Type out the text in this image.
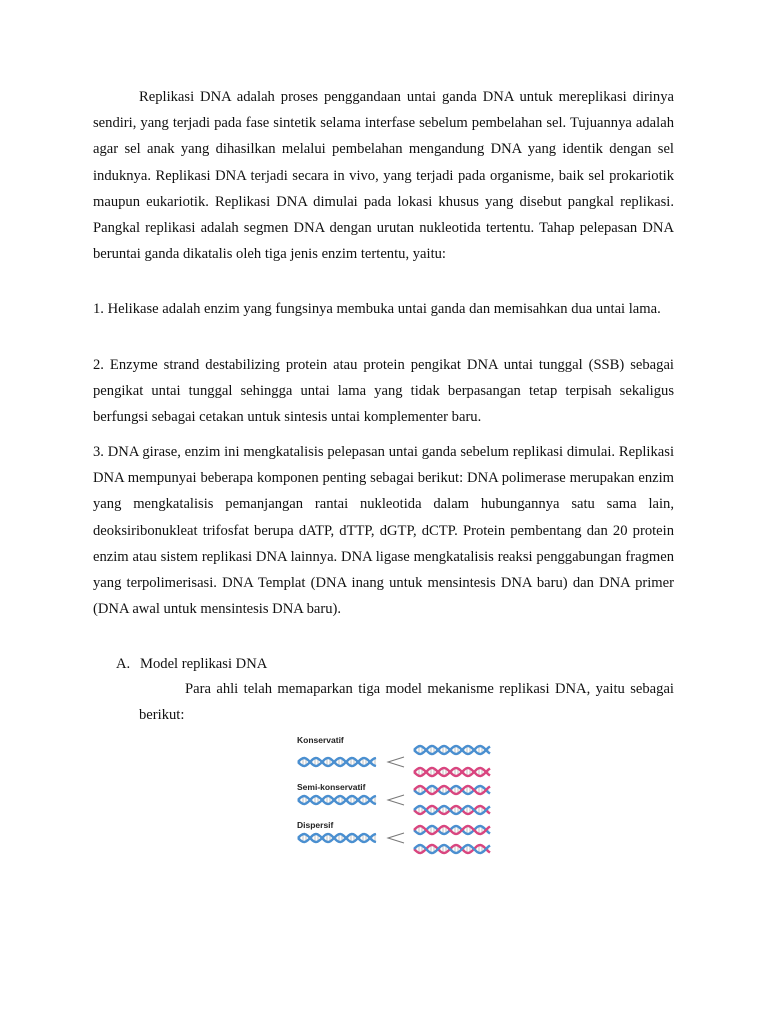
Replikasi DNA adalah proses penggandaan untai ganda DNA untuk mereplikasi dirinya sendiri, yang terjadi pada fase sintetik selama interfase sebelum pembelahan sel. Tujuannya adalah agar sel anak yang dihasilkan melalui pembelahan mengandung DNA yang identik dengan sel induknya. Replikasi DNA terjadi secara in vivo, yang terjadi pada organisme, baik sel prokariotik maupun eukariotik. Replikasi DNA dimulai pada lokasi khusus yang disebut pangkal replikasi. Pangkal replikasi adalah segmen DNA dengan urutan nukleotida tertentu. Tahap pelepasan DNA beruntai ganda dikatalis oleh tiga jenis enzim tertentu, yaitu:

1. Helikase adalah enzim yang fungsinya membuka untai ganda dan memisahkan dua untai lama.

2. Enzyme strand destabilizing protein atau protein pengikat DNA untai tunggal (SSB) sebagai pengikat untai tunggal sehingga untai lama yang tidak berpasangan tetap terpisah sekaligus berfungsi sebagai cetakan untuk sintesis untai komplementer baru.

3. DNA girase, enzim ini mengkatalisis pelepasan untai ganda sebelum replikasi dimulai. Replikasi DNA mempunyai beberapa komponen penting sebagai berikut: DNA polimerase merupakan enzim yang mengkatalisis pemanjangan rantai nukleotida dalam hubungannya satu sama lain, deoksiribonukleat trifosfat berupa dATP, dTTP, dGTP, dCTP. Protein pembentang dan 20 protein enzim atau sistem replikasi DNA lainnya. DNA ligase mengkatalisis reaksi penggabungan fragmen yang terpolimerisasi. DNA Templat (DNA inang untuk mensintesis DNA baru) dan DNA primer (DNA awal untuk mensintesis DNA baru).

A. Model replikasi DNA

Para ahli telah memaparkan tiga model mekanisme replikasi DNA, yaitu sebagai berikut:

Konservatif
Semi-konservatif
Dispersif
